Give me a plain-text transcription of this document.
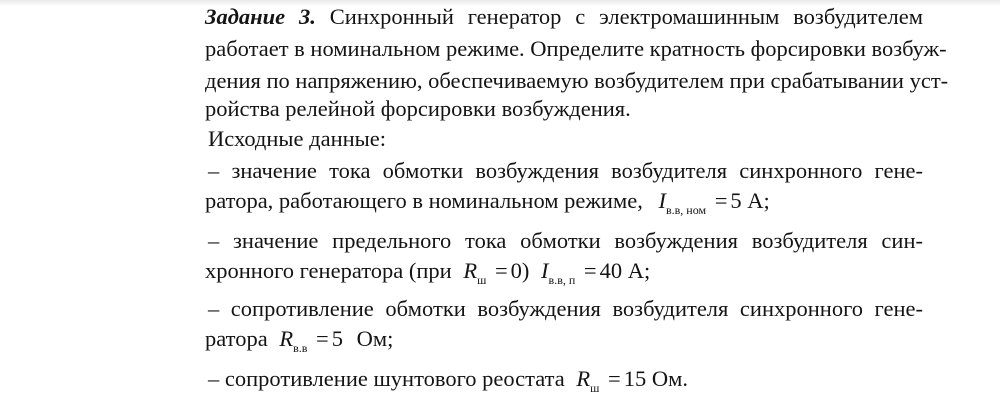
Задание 3. Синхронный генератор с электромашинным возбудителем
работает в номинальном режиме. Определите кратность форсировки возбуж-
дения по напряжению, обеспечиваемую возбудителем при срабатывании уст-
ройства релейной форсировки возбуждения.
Исходные данные:
– значение тока обмотки возбуждения возбудителя синхронного гене-
ратора, работающего в номинальном режиме, $I_{в.в, ном} = 5$ А;
– значение предельного тока обмотки возбуждения возбудителя син-
хронного генератора (при $R_ш = 0$) $I_{в.в, п} = 40$ А;
– сопротивление обмотки возбуждения возбудителя синхронного гене-
ратора $R_{в.в} = 5$ Ом;
– сопротивление шунтового реостата $R_ш = 15$ Ом.
